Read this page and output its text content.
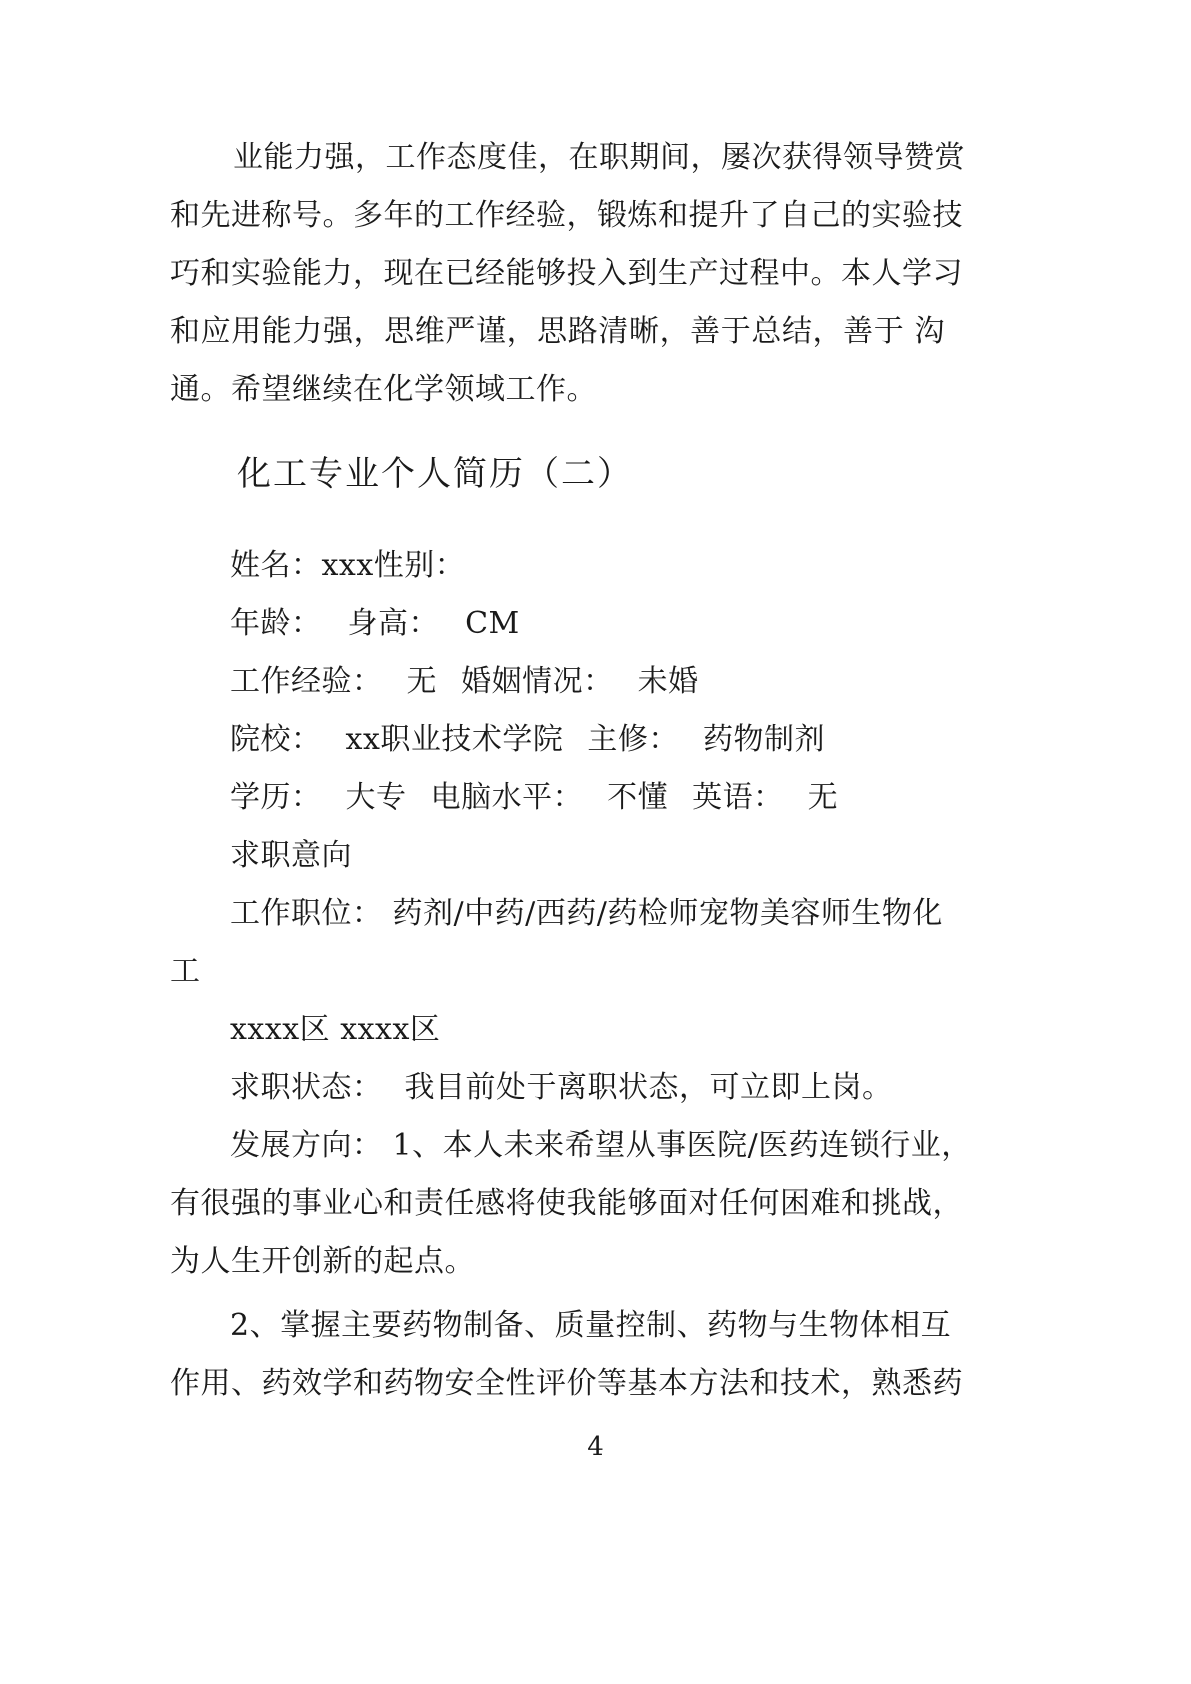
业能力强，工作态度佳，在职期间，屡次获得领导赞赏
和先进称号。多年的工作经验，锻炼和提升了自己的实验技
巧和实验能力，现在已经能够投入到生产过程中。本人学习
和应用能力强，思维严谨，思路清晰，善于总结，善于 沟
通。希望继续在化学领域工作。
化工专业个人简历（二）
姓名：xxx性别：
年龄： 身高： CM
工作经验： 无 婚姻情况： 未婚
院校： xx职业技术学院 主修： 药物制剂
学历： 大专 电脑水平： 不懂 英语： 无
求职意向
工作职位： 药剂/中药/西药/药检师宠物美容师生物化
工
xxxx区 xxxx区
求职状态： 我目前处于离职状态，可立即上岗。
发展方向： 1、本人未来希望从事医院/医药连锁行业，
有很强的事业心和责任感将使我能够面对任何困难和挑战，
为人生开创新的起点。
2、掌握主要药物制备、质量控制、药物与生物体相互
作用、药效学和药物安全性评价等基本方法和技术，熟悉药
4
